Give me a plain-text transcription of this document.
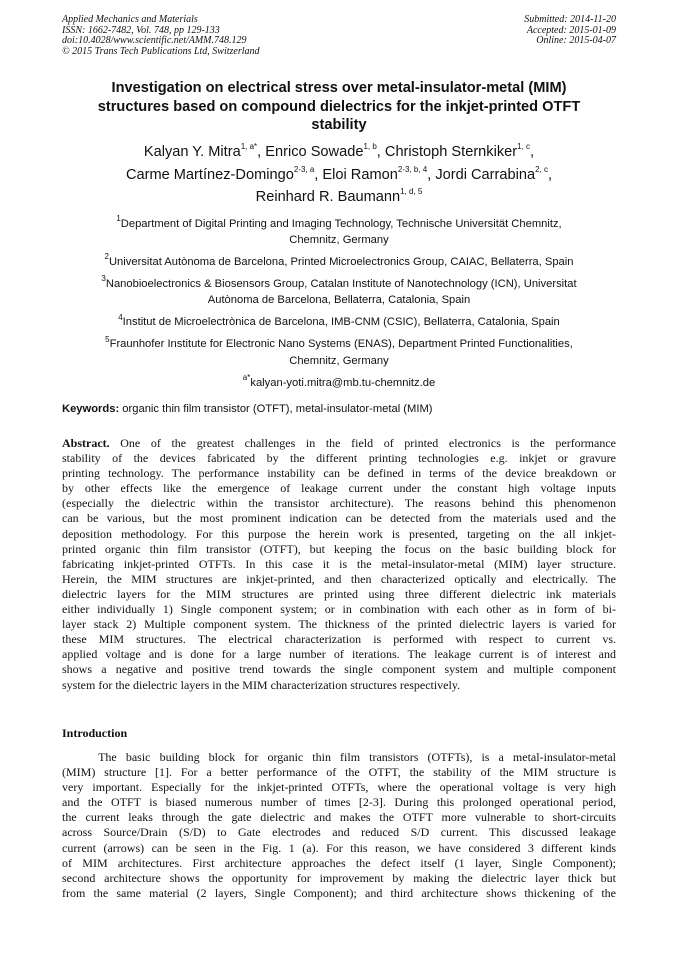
Applied Mechanics and Materials
ISSN: 1662-7482, Vol. 748, pp 129-133
doi:10.4028/www.scientific.net/AMM.748.129
© 2015 Trans Tech Publications Ltd, Switzerland
Submitted: 2014-11-20
Accepted: 2015-01-09
Online: 2015-04-07
Investigation on electrical stress over metal-insulator-metal (MIM)
structures based on compound dielectrics for the inkjet-printed OTFT
stability
Kalyan Y. Mitra$^{1, a*}$, Enrico Sowade$^{1, b}$, Christoph Sternkiker$^{1, c}$,
Carme Martínez-Domingo$^{2-3, a}$, Eloi Ramon$^{2-3, b, 4}$, Jordi Carrabina$^{2, c}$,
Reinhard R. Baumann$^{1, d, 5}$
$^1$Department of Digital Printing and Imaging Technology, Technische Universität Chemnitz,
Chemnitz, Germany
$^2$Universitat Autònoma de Barcelona, Printed Microelectronics Group, CAIAC, Bellaterra, Spain
$^3$Nanobioelectronics & Biosensors Group, Catalan Institute of Nanotechnology (ICN), Universitat
Autònoma de Barcelona, Bellaterra, Catalonia, Spain
$^4$Institut de Microelectrònica de Barcelona, IMB-CNM (CSIC), Bellaterra, Catalonia, Spain
$^5$Fraunhofer Institute for Electronic Nano Systems (ENAS), Department Printed Functionalities,
Chemnitz, Germany
$^{a*}$kalyan-yoti.mitra@mb.tu-chemnitz.de
Keywords: organic thin film transistor (OTFT), metal-insulator-metal (MIM)
Abstract. One of the greatest challenges in the field of printed electronics is the performance
stability of the devices fabricated by the different printing technologies e.g. inkjet or gravure
printing technology. The performance instability can be defined in terms of the device breakdown or
by other effects like the emergence of leakage current under the constant high voltage inputs
(especially the dielectric within the transistor architecture). The reasons behind this phenomenon
can be various, but the most prominent indication can be detected from the materials used and the
deposition methodology. For this purpose the herein work is presented, targeting on the all inkjet-
printed organic thin film transistor (OTFT), but keeping the focus on the basic building block for
fabricating inkjet-printed OTFTs. In this case it is the metal-insulator-metal (MIM) layer structure.
Herein, the MIM structures are inkjet-printed, and then characterized optically and electrically. The
dielectric layers for the MIM structures are printed using three different dielectric ink materials
either individually 1) Single component system; or in combination with each other as in form of bi-
layer stack 2) Multiple component system. The thickness of the printed dielectric layers is varied for
these MIM structures. The electrical characterization is performed with respect to current vs.
applied voltage and is done for a large number of iterations. The leakage current is of interest and
shows a negative and positive trend towards the single component system and multiple component
system for the dielectric layers in the MIM characterization structures respectively.
Introduction
The basic building block for organic thin film transistors (OTFTs), is a metal-insulator-metal
(MIM) structure [1]. For a better performance of the OTFT, the stability of the MIM structure is
very important. Especially for the inkjet-printed OTFTs, where the operational voltage is very high
and the OTFT is biased numerous number of times [2-3]. During this prolonged operational period,
the current leaks through the gate dielectric and makes the OTFT more vulnerable to short-circuits
across Source/Drain (S/D) to Gate electrodes and reduced S/D current. This discussed leakage
current (arrows) can be seen in the Fig. 1 (a). For this reason, we have considered 3 different kinds
of MIM architectures. First architecture approaches the defect itself (1 layer, Single Component);
second architecture shows the opportunity for improvement by making the dielectric layer thick but
from the same material (2 layers, Single Component); and third architecture shows thickening of the
